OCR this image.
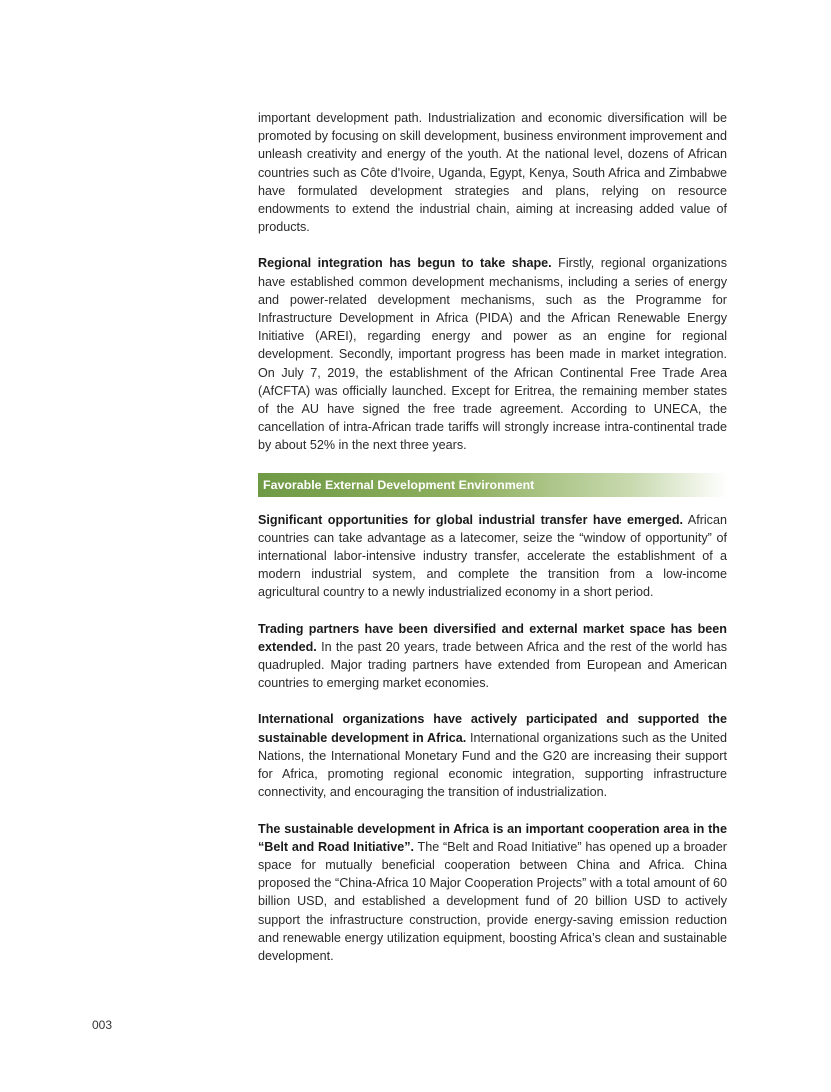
important development path. Industrialization and economic diversification will be promoted by focusing on skill development, business environment improvement and unleash creativity and energy of the youth. At the national level, dozens of African countries such as Côte d'Ivoire, Uganda, Egypt, Kenya, South Africa and Zimbabwe have formulated development strategies and plans, relying on resource endowments to extend the industrial chain, aiming at increasing added value of products.

Regional integration has begun to take shape. Firstly, regional organizations have established common development mechanisms, including a series of energy and power-related development mechanisms, such as the Programme for Infrastructure Development in Africa (PIDA) and the African Renewable Energy Initiative (AREI), regarding energy and power as an engine for regional development. Secondly, important progress has been made in market integration. On July 7, 2019, the establishment of the African Continental Free Trade Area (AfCFTA) was officially launched. Except for Eritrea, the remaining member states of the AU have signed the free trade agreement. According to UNECA, the cancellation of intra-African trade tariffs will strongly increase intra-continental trade by about 52% in the next three years.

Favorable External Development Environment

Significant opportunities for global industrial transfer have emerged. African countries can take advantage as a latecomer, seize the “window of opportunity” of international labor-intensive industry transfer, accelerate the establishment of a modern industrial system, and complete the transition from a low-income agricultural country to a newly industrialized economy in a short period.

Trading partners have been diversified and external market space has been extended. In the past 20 years, trade between Africa and the rest of the world has quadrupled. Major trading partners have extended from European and American countries to emerging market economies.

International organizations have actively participated and supported the sustainable development in Africa. International organizations such as the United Nations, the International Monetary Fund and the G20 are increasing their support for Africa, promoting regional economic integration, supporting infrastructure connectivity, and encouraging the transition of industrialization.

The sustainable development in Africa is an important cooperation area in the “Belt and Road Initiative”. The “Belt and Road Initiative” has opened up a broader space for mutually beneficial cooperation between China and Africa. China proposed the “China-Africa 10 Major Cooperation Projects” with a total amount of 60 billion USD, and established a development fund of 20 billion USD to actively support the infrastructure construction, provide energy-saving emission reduction and renewable energy utilization equipment, boosting Africa’s clean and sustainable development.

003
